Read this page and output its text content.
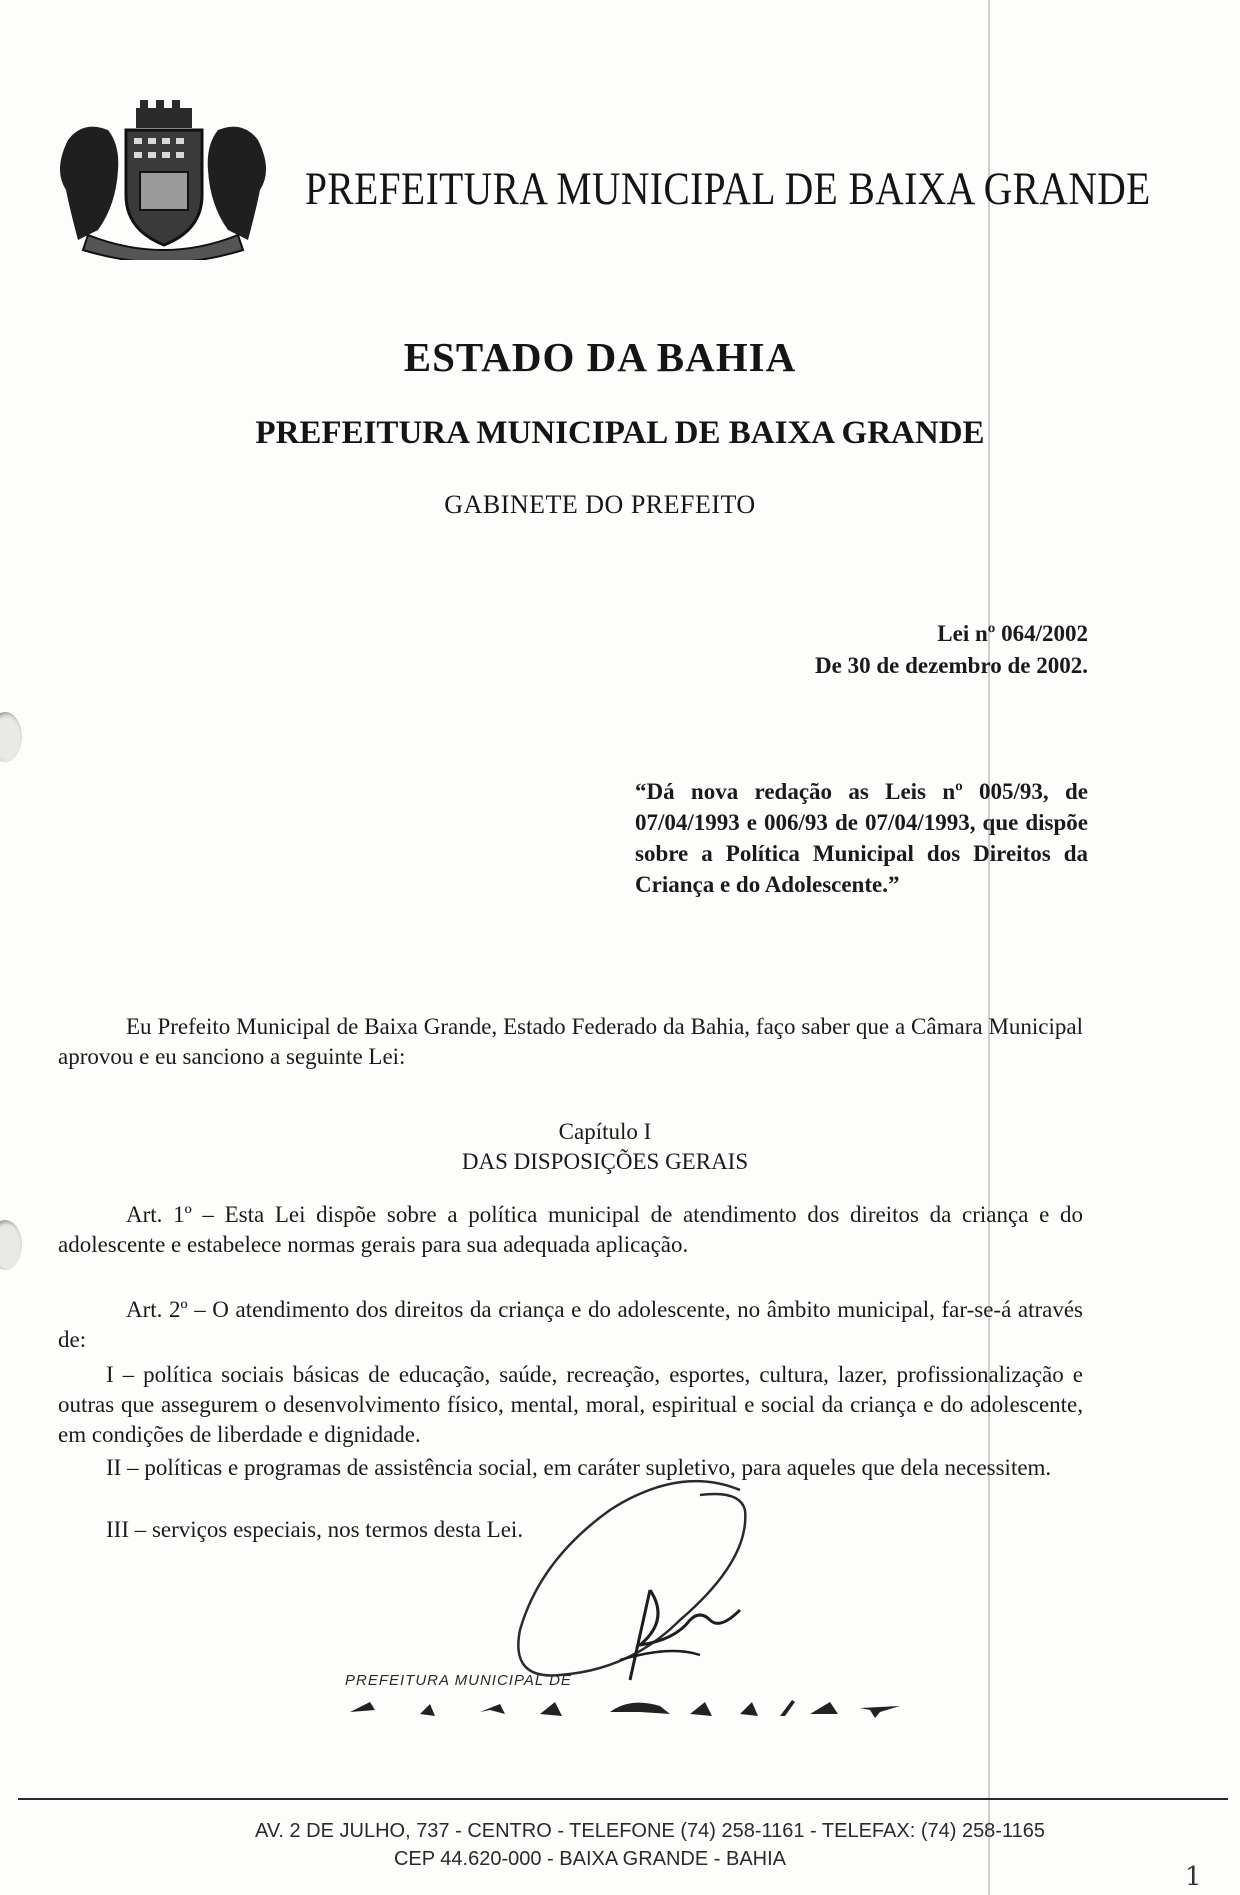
PREFEITURA MUNICIPAL DE BAIXA GRANDE
ESTADO DA BAHIA
PREFEITURA MUNICIPAL DE BAIXA GRANDE
GABINETE DO PREFEITO
Lei nº 064/2002
De 30 de dezembro de 2002.
“Dá nova redação as Leis nº 005/93, de 07/04/1993 e 006/93 de 07/04/1993, que dispõe sobre a Política Municipal dos Direitos da Criança e do Adolescente.”
Eu Prefeito Municipal de Baixa Grande, Estado Federado da Bahia, faço saber que a Câmara Municipal aprovou e eu sanciono a seguinte Lei:
Capítulo I
DAS DISPOSIÇÕES GERAIS
Art. 1º – Esta Lei dispõe sobre a política municipal de atendimento dos direitos da criança e do adolescente e estabelece normas gerais para sua adequada aplicação.
Art. 2º – O atendimento dos direitos da criança e do adolescente, no âmbito municipal, far-se-á através de:
I – política sociais básicas de educação, saúde, recreação, esportes, cultura, lazer, profissionalização e outras que assegurem o desenvolvimento físico, mental, moral, espiritual e social da criança e do adolescente, em condições de liberdade e dignidade.
II – políticas e programas de assistência social, em caráter supletivo, para aqueles que dela necessitem.
III – serviços especiais, nos termos desta Lei.
PREFEITURA MUNICIPAL DE
AV. 2 DE JULHO, 737 - CENTRO - TELEFONE (74) 258-1161 - TELEFAX: (74) 258-1165
CEP 44.620-000 - BAIXA GRANDE - BAHIA
1
